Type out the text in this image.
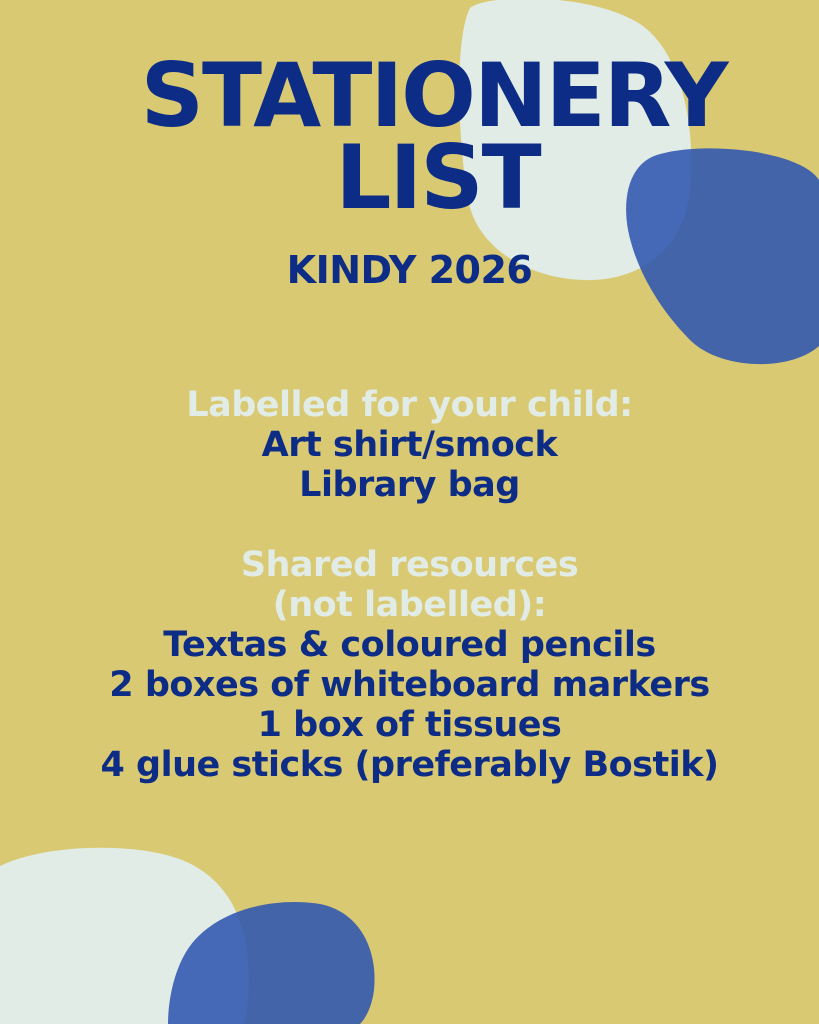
STATIONERY
LIST
KINDY 2026
Labelled for your child:
Art shirt/smock
Library bag
Shared resources
(not labelled):
Textas & coloured pencils
2 boxes of whiteboard markers
1 box of tissues
4 glue sticks (preferably Bostik)
